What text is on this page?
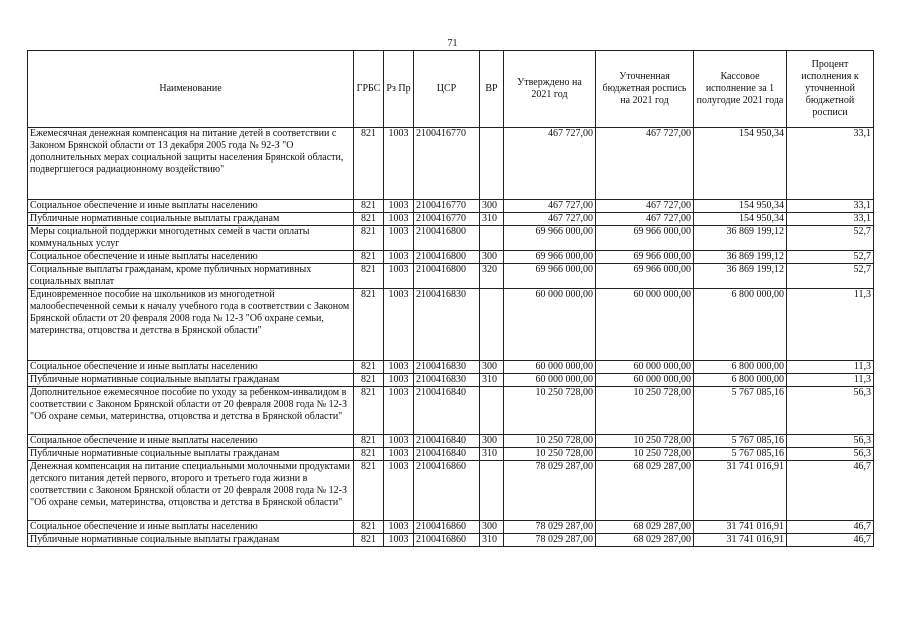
71
Наименование	ГРБС	Рз Пр	ЦСР	ВР	Утверждено на 2021 год	Уточненная бюджетная роспись на 2021 год	Кассовое исполнение за 1 полугодие 2021 года	Процент исполнения к уточненной бюджетной росписи
Ежемесячная денежная компенсация на питание детей в соответствии с Законом Брянской области от 13 декабря 2005 года № 92-З "О дополнительных мерах социальной защиты населения Брянской области, подвергшегося радиационному воздействию"	821	1003	2100416770		467 727,00	467 727,00	154 950,34	33,1
Социальное обеспечение и иные выплаты населению	821	1003	2100416770	300	467 727,00	467 727,00	154 950,34	33,1
Публичные нормативные социальные выплаты гражданам	821	1003	2100416770	310	467 727,00	467 727,00	154 950,34	33,1
Меры социальной поддержки многодетных семей в части оплаты коммунальных услуг	821	1003	2100416800		69 966 000,00	69 966 000,00	36 869 199,12	52,7
Социальное обеспечение и иные выплаты населению	821	1003	2100416800	300	69 966 000,00	69 966 000,00	36 869 199,12	52,7
Социальные выплаты гражданам, кроме публичных нормативных социальных выплат	821	1003	2100416800	320	69 966 000,00	69 966 000,00	36 869 199,12	52,7
Единовременное пособие на школьников из многодетной малообеспеченной семьи к началу учебного года в соответствии с Законом Брянской области от 20 февраля 2008 года № 12-З "Об охране семьи, материнства, отцовства и детства в Брянской области"	821	1003	2100416830		60 000 000,00	60 000 000,00	6 800 000,00	11,3
Социальное обеспечение и иные выплаты населению	821	1003	2100416830	300	60 000 000,00	60 000 000,00	6 800 000,00	11,3
Публичные нормативные социальные выплаты гражданам	821	1003	2100416830	310	60 000 000,00	60 000 000,00	6 800 000,00	11,3
Дополнительное ежемесячное пособие по уходу за ребенком-инвалидом в соответствии с Законом Брянской области от 20 февраля 2008 года № 12-З "Об охране семьи, материнства, отцовства и детства в Брянской области"	821	1003	2100416840		10 250 728,00	10 250 728,00	5 767 085,16	56,3
Социальное обеспечение и иные выплаты населению	821	1003	2100416840	300	10 250 728,00	10 250 728,00	5 767 085,16	56,3
Публичные нормативные социальные выплаты гражданам	821	1003	2100416840	310	10 250 728,00	10 250 728,00	5 767 085,16	56,3
Денежная компенсация на питание специальными молочными продуктами детского питания детей первого, второго и третьего года жизни в соответствии с Законом Брянской области от 20 февраля 2008 года № 12-З "Об охране семьи, материнства, отцовства и детства в Брянской области"	821	1003	2100416860		78 029 287,00	68 029 287,00	31 741 016,91	46,7
Социальное обеспечение и иные выплаты населению	821	1003	2100416860	300	78 029 287,00	68 029 287,00	31 741 016,91	46,7
Публичные нормативные социальные выплаты гражданам	821	1003	2100416860	310	78 029 287,00	68 029 287,00	31 741 016,91	46,7
